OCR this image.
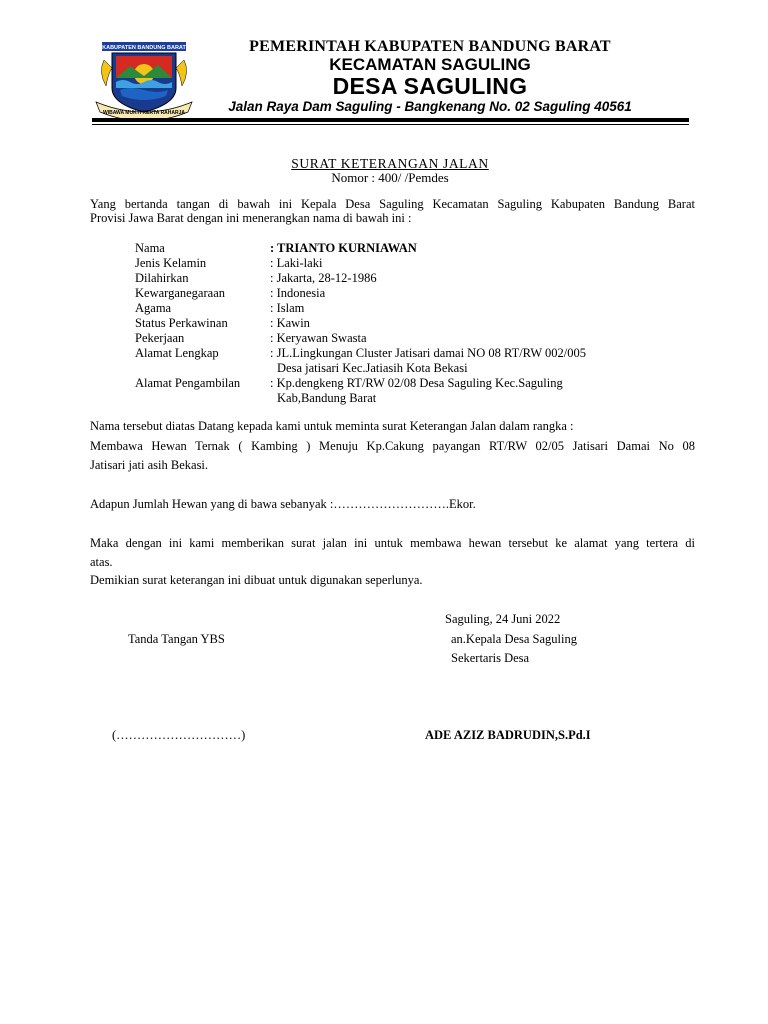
KABUPATEN BANDUNG BARAT
WIBAWA MUKTI KERTA RAHARJA
PEMERINTAH KABUPATEN BANDUNG BARAT
KECAMATAN SAGULING
DESA SAGULING
Jalan Raya Dam Saguling - Bangkenang No. 02 Saguling 40561
SURAT KETERANGAN JALAN
Nomor : 400/ /Pemdes
Yang bertanda tangan di bawah ini Kepala Desa Saguling Kecamatan Saguling Kabupaten Bandung Barat
Provisi Jawa Barat dengan ini menerangkan nama di bawah ini :
Nama	: TRIANTO KURNIAWAN
Jenis Kelamin	: Laki-laki
Dilahirkan	: Jakarta, 28-12-1986
Kewarganegaraan	: Indonesia
Agama	: Islam
Status Perkawinan	: Kawin
Pekerjaan	: Keryawan Swasta
Alamat Lengkap	: JL.Lingkungan Cluster Jatisari damai NO 08 RT/RW 002/005
Desa jatisari Kec.Jatiasih Kota Bekasi
Alamat Pengambilan : Kp.dengkeng RT/RW 02/08 Desa Saguling Kec.Saguling
Kab,Bandung Barat
Nama tersebut diatas Datang kepada kami untuk meminta surat Keterangan Jalan dalam rangka :
Membawa Hewan Ternak ( Kambing ) Menuju Kp.Cakung payangan RT/RW 02/05 Jatisari Damai No 08
Jatisari jati asih Bekasi.
Adapun Jumlah Hewan yang di bawa sebanyak :……………………….Ekor.
Maka dengan ini kami memberikan surat jalan ini untuk membawa hewan tersebut ke alamat yang tertera di
atas.
Demikian surat keterangan ini dibuat untuk digunakan seperlunya.
Saguling, 24 Juni 2022
Tanda Tangan YBS	an.Kepala Desa Saguling
Sekertaris Desa
(…………………………)	ADE AZIZ BADRUDIN,S.Pd.I
